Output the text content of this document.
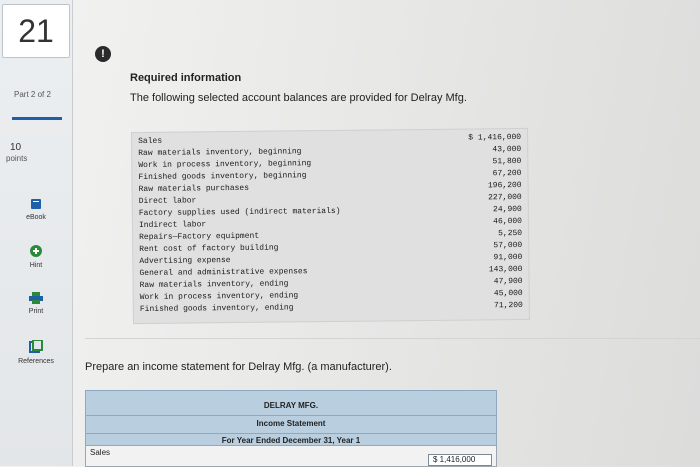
21
Part 2 of 2
10
points
eBook
Hint
Print
References
!
Required information
The following selected account balances are provided for Delray Mfg.
Sales	$ 1,416,000
Raw materials inventory, beginning	43,000
Work in process inventory, beginning	51,800
Finished goods inventory, beginning	67,200
Raw materials purchases	196,200
Direct labor	227,000
Factory supplies used (indirect materials)	24,900
Indirect labor	46,000
Repairs—Factory equipment	5,250
Rent cost of factory building	57,000
Advertising expense	91,000
General and administrative expenses	143,000
Raw materials inventory, ending	47,900
Work in process inventory, ending	45,000
Finished goods inventory, ending	71,200
Prepare an income statement for Delray Mfg. (a manufacturer).
DELRAY MFG.
Income Statement
For Year Ended December 31, Year 1
Sales
$ 1,416,000
